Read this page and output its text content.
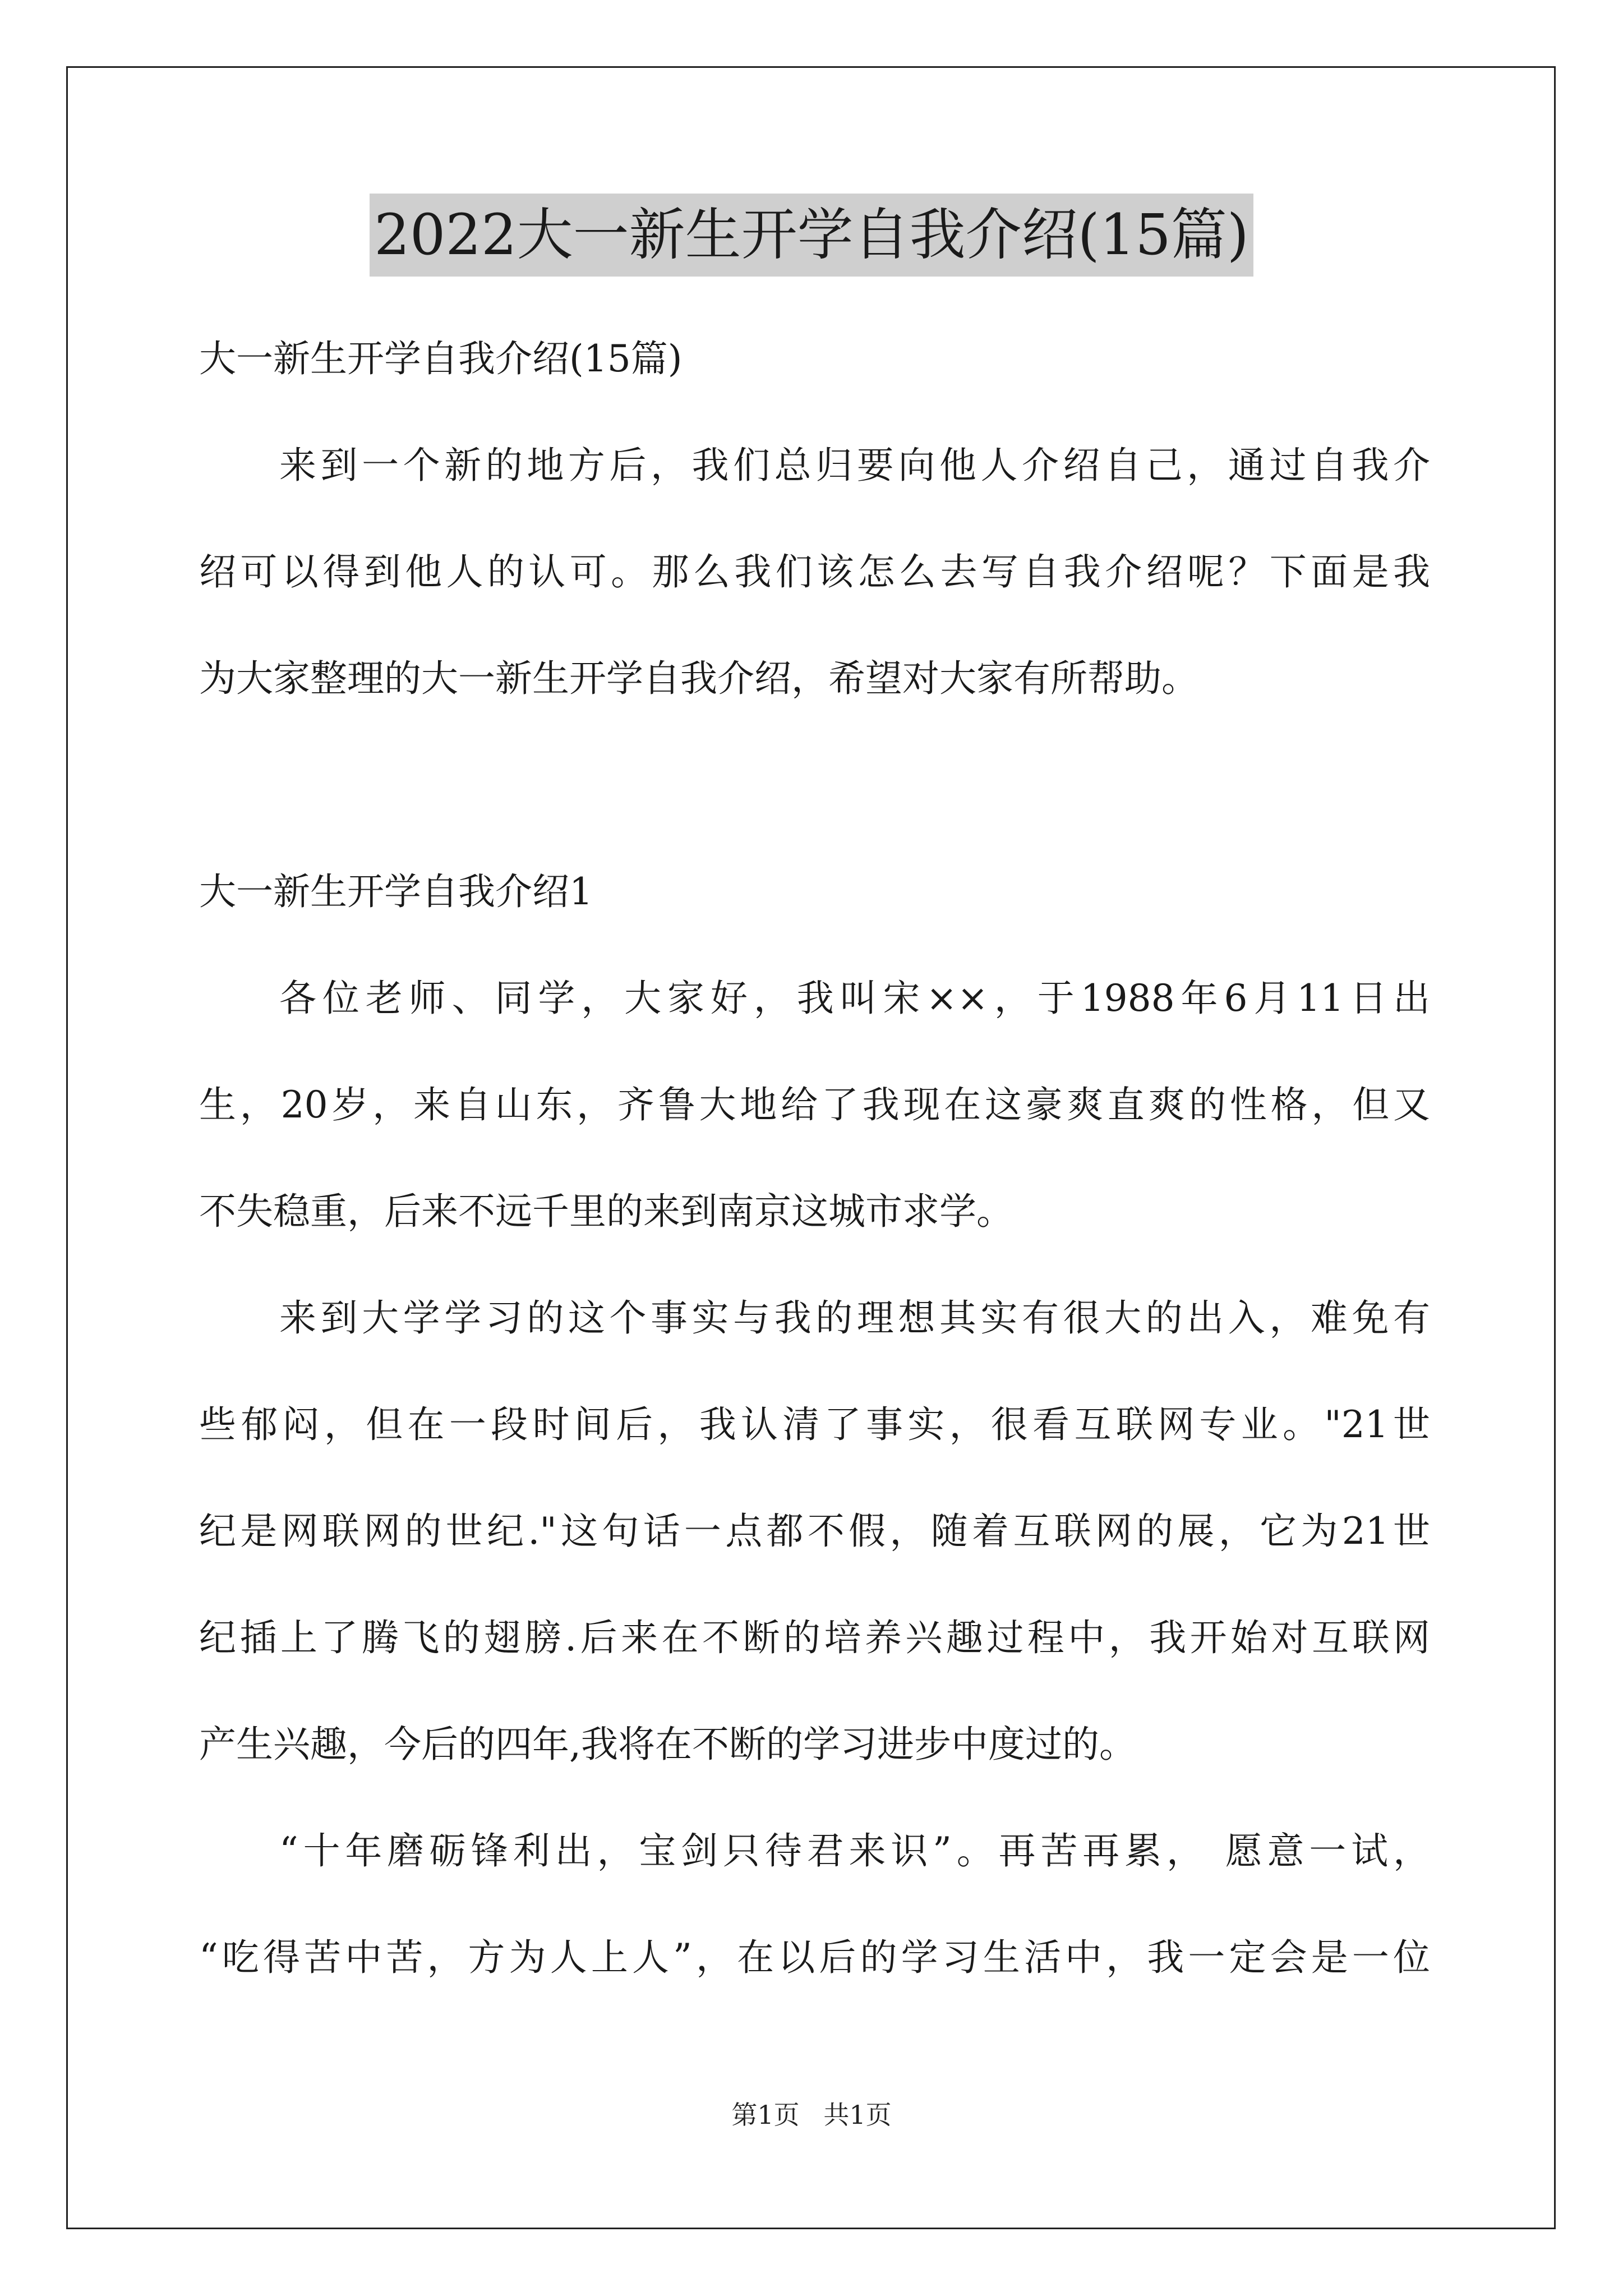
2022大一新生开学自我介绍(15篇)
大一新生开学自我介绍(15篇)
来到一个新的地方后，我们总归要向他人介绍自己，通过自我介
绍可以得到他人的认可。那么我们该怎么去写自我介绍呢？下面是我
为大家整理的大一新生开学自我介绍，希望对大家有所帮助。
大一新生开学自我介绍1
各位老师、同学，大家好，我叫宋××，于1988年6月11日出
生，20岁，来自山东，齐鲁大地给了我现在这豪爽直爽的性格，但又
不失稳重，后来不远千里的来到南京这城市求学。
来到大学学习的这个事实与我的理想其实有很大的出入，难免有
些郁闷，但在一段时间后，我认清了事实，很看互联网专业。"21世
纪是网联网的世纪."这句话一点都不假，随着互联网的展，它为21世
纪插上了腾飞的翅膀.后来在不断的培养兴趣过程中，我开始对互联网
产生兴趣，今后的四年,我将在不断的学习进步中度过的。
“十年磨砺锋利出，宝剑只待君来识”。再苦再累， 愿意一试，
“吃得苦中苦，方为人上人”，在以后的学习生活中，我一定会是一位
第1页 共1页
